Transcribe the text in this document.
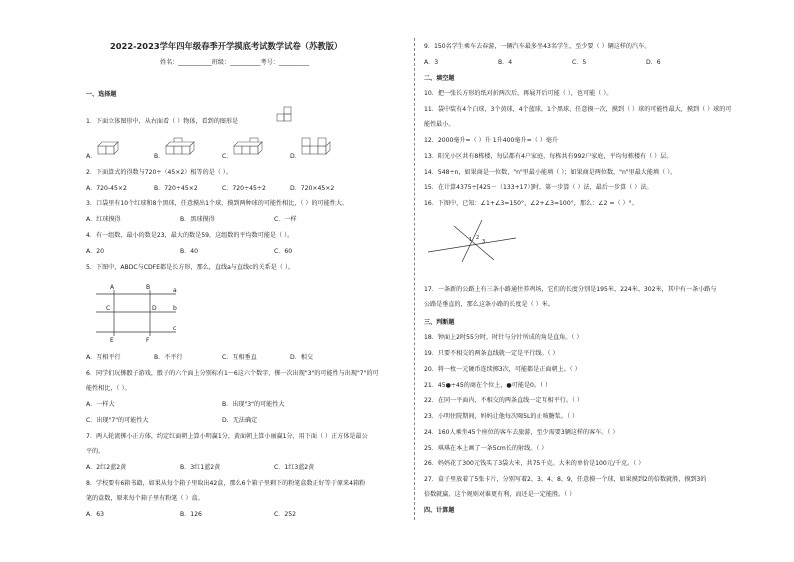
2022-2023学年四年级春季开学摸底考试数学试卷（苏教版）
姓名：___________班级：__________考号：__________
一、选择题
1．下面立体图形中，从右面看（ ）物体，看到的图形是
A．	B．	C．	D．
2．下面算式的得数与720÷（45×2）相等的是（ ）。
A．720-45×2	B．720÷45×2	C．720÷45÷2	D．720×45×2
3．口袋里有10个红球和8个黑球，任意摸出1个球，摸到两种球的可能性相比，（ ）的可能性大。
A．红球摸得	B．黑球摸得	C．一样
4．有一组数，最小的数是23，最大的数是59，这组数的平均数可能是（ ）。
A．20	B．40	C．60
5．下图中，ABDC与CDFE都是长方形，那么，直线a与直线c的关系是（ ）。
A	B
C	D
E	F
a
b
c
A．互相平行	B．不平行	C．互相垂直	D．相交
6．同学们玩掷骰子游戏，骰子的六个面上分别标有1～6这六个数字，掷一次出现"3"的可能性与出现"7"的可
能性相比，（ ）。
A．一样大	B．出现"3"的可能性大
C．出现"7"的可能性大	D．无法确定
7．两人轮流掷小正方体，约定红面朝上算小明赢1分，黄面朝上算小丽赢1分，用下面（ ）正方体是最公
平的。
A．2红2蓝2黄	B．3红1蓝2黄	C．1红3蓝2黄
8．学校要有6箱书籍，如果从每个箱子里取出42盒，那么6个箱子里剩下的粉笔盒数正好等于原来4箱粉
笔的盒数，原来每个箱子里有粉笔（ ）盒。
A．63	B．126	C．252
9．150名学生乘车去春游，一辆汽车最多坐43名学生，至少要（ ）辆这样的汽车。
A．3	B．4	C．5	D．6
二、填空题
10．把一张长方形的纸对折两次后，再展开后可能（ ），也可能（ ）。
11．袋中装有4个白球，3个黄球，4个蓝球，1个黑球，任意摸一次，摸到（ ）球的可能性最大，摸到（ ）球的可
能性最小。
12．2000毫升=（ ）升 1升400毫升=（ ）毫升
13．阳光小区共有8栋楼，每层都有4户家庭，每栋共有992户家庭，平均每栋楼有（ ）层。
14．548÷n，如果商是一位数，"n"里最小能填（ ）；如果商是两位数，"n"里最大能填（ ）。
15．在计算4375÷[425－（133+17）]时，第一步算（ ）法，最后一步算（ ）法。
16．下图中，已知：∠1+∠3=150°，∠2+∠3=100°，那么：∠2 =（ ）°。
1 2
3
17．一条新的公路上有三条小路通往养鸡场，它们的长度分别是195米、224米、302米，其中有一条小路与
公路是垂直的，那么这条小路的长度是（ ）米。
三、判断题
18．钟面上2时55分时，时针与分针所成的角是直角。（ ）
19．只要不相交的两条直线就一定是平行线。（ ）
20．将一枚一元硬币连续掷3次，可能都是正面朝上。（ ）
21．45●÷45的商在个位上，●可能是0。（ ）
22．在同一平面内，不相交的两条直线一定互相平行。（ ）
23．小明住院期间，妈妈让他每次喝5L的止咳糖浆。（ ）
24．160人乘坐45个座位的客车去旅游，至少需要3辆这样的客车。（ ）
25．琪琪在本上画了一条5cm长的射线。（ ）
26．妈妈花了300元钱买了3袋大米，共75千克。大米的单价是100元/千克。（ ）
27．盒子里放着了5张卡片，分别写着2、3、4、8、9，任意摸一个球，如果摸到2的倍数就胜，摸到3的
倍数就赢，这个规则对谁更有利，而还是一定能胜。（ ）
四、计算题
